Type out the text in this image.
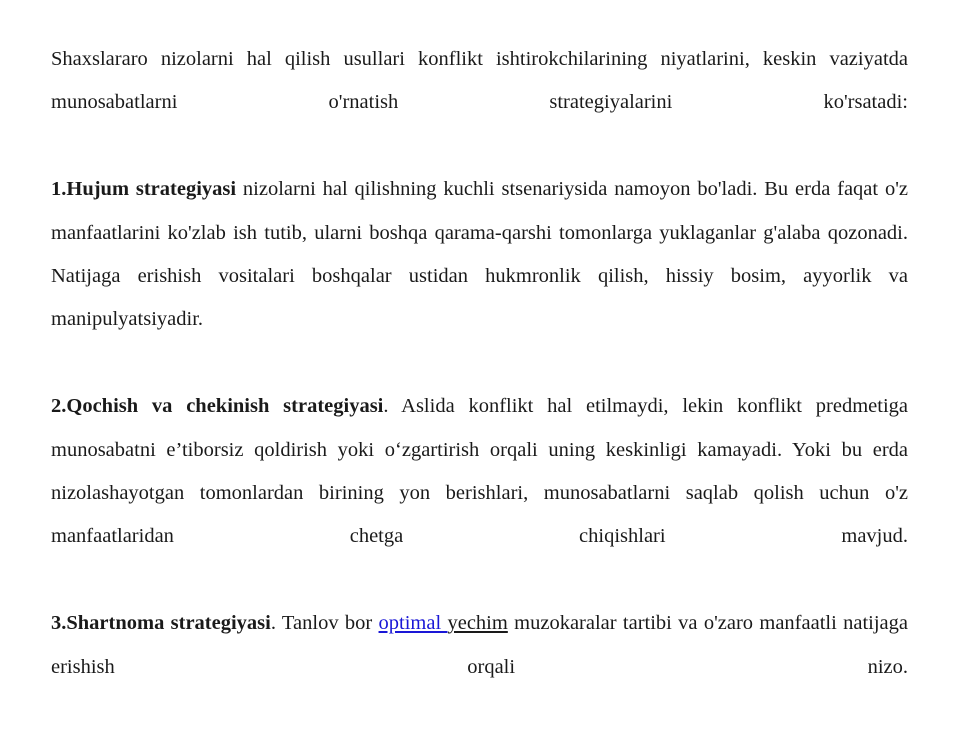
Shaxslararo nizolarni hal qilish usullari konflikt ishtirokchilarining niyatlarini, keskin vaziyatda munosabatlarni o'rnatish strategiyalarini ko'rsatadi:

1.Hujum strategiyasi nizolarni hal qilishning kuchli stsenariysida namoyon bo'ladi. Bu erda faqat o'z manfaatlarini ko'zlab ish tutib, ularni boshqa qarama-qarshi tomonlarga yuklaganlar g'alaba qozonadi. Natijaga erishish vositalari boshqalar ustidan hukmronlik qilish, hissiy bosim, ayyorlik va manipulyatsiyadir.

2.Qochish va chekinish strategiyasi. Aslida konflikt hal etilmaydi, lekin konflikt predmetiga munosabatni e’tiborsiz qoldirish yoki o‘zgartirish orqali uning keskinligi kamayadi. Yoki bu erda nizolashayotgan tomonlardan birining yon berishlari, munosabatlarni saqlab qolish uchun o'z manfaatlaridan chetga chiqishlari mavjud.

3.Shartnoma strategiyasi. Tanlov bor optimal yechim muzokaralar tartibi va o'zaro manfaatli natijaga erishish orqali nizo.
